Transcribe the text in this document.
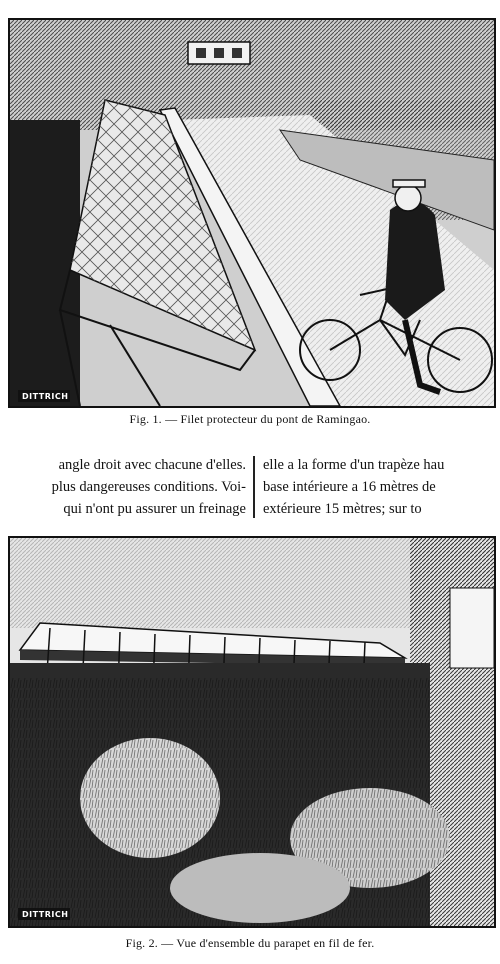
DITTRICH
Fig. 1. — Filet protecteur du pont de Ramingao.
angle droit avec chacune d'elles.
plus dangereuses conditions. Voi-
qui n'ont pu assurer un freinage
elle a la forme d'un trapèze hau
base intérieure a 16 mètres de
extérieure 15 mètres; sur to
DITTRICH
Fig. 2. — Vue d'ensemble du parapet en fil de fer.
